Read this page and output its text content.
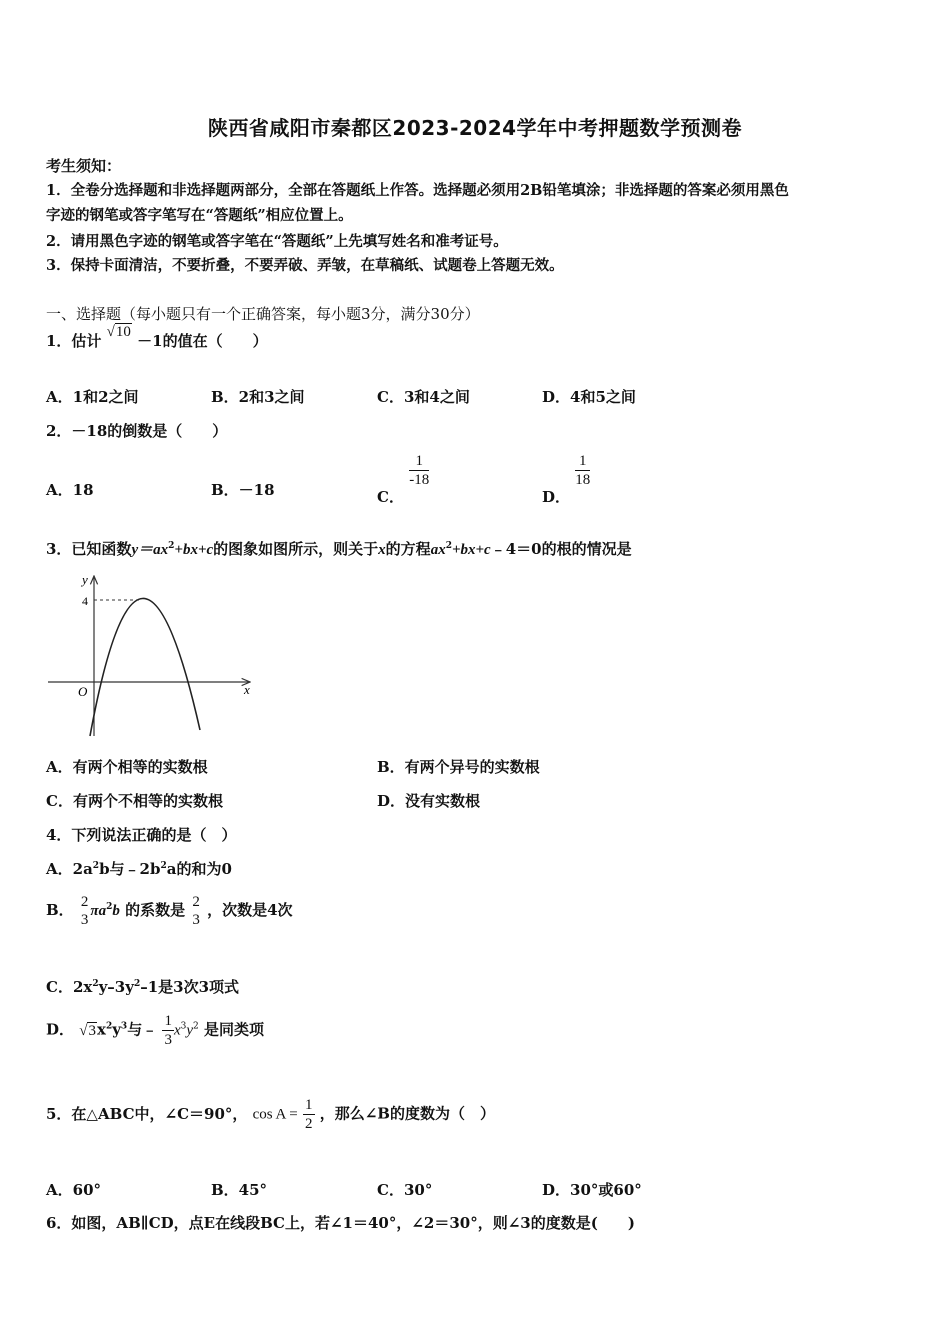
陕西省咸阳市秦都区2023-2024学年中考押题数学预测卷
考生须知：
1．全卷分选择题和非选择题两部分，全部在答题纸上作答。选择题必须用2B铅笔填涂；非选择题的答案必须用黑色
字迹的钢笔或答字笔写在“答题纸”相应位置上。
2．请用黑色字迹的钢笔或答字笔在“答题纸”上先填写姓名和准考证号。
3．保持卡面清洁，不要折叠，不要弄破、弄皱，在草稿纸、试题卷上答题无效。
一、选择题（每小题只有一个正确答案，每小题3分，满分30分）
1．估计 √10 －1的值在（　　）
A．1和2之间	B．2和3之间	C．3和4之间	D．4和5之间
2．－18的倒数是（　　）
A．18	B．－18	C．
$\frac{1}{-18}$
D．
$\frac{1}{18}$
3．已知函数$y=ax^2+bx+c$的图象如图所示，则关于x的方程$ax^2+bx+c﹣4=0$的根的情况是
y
x
O
4
A．有两个相等的实数根	B．有两个异号的实数根
C．有两个不相等的实数根	D．没有实数根
4．下列说法正确的是（　）
A．$2a^2b$与$﹣2b^2a$的和为0
B． 2
3
$\pi a^2b$ 的系数是 2
3
，次数是4次
C．$2x^2y-3y^2-1$是3次3项式
D． $√3x^2y^3$与﹣ $\frac{1}{3} x^3y^2$ 是同类项
5．在△ABC中，∠C＝90°， $\cos A = \frac{1}{2}$ ，那么∠B的度数为（　）
A．60°	B．45°	C．30°	D．30°或60°
6．如图，AB∥CD，点E在线段BC上，若∠1＝40°，∠2＝30°，则∠3的度数是(　　)
